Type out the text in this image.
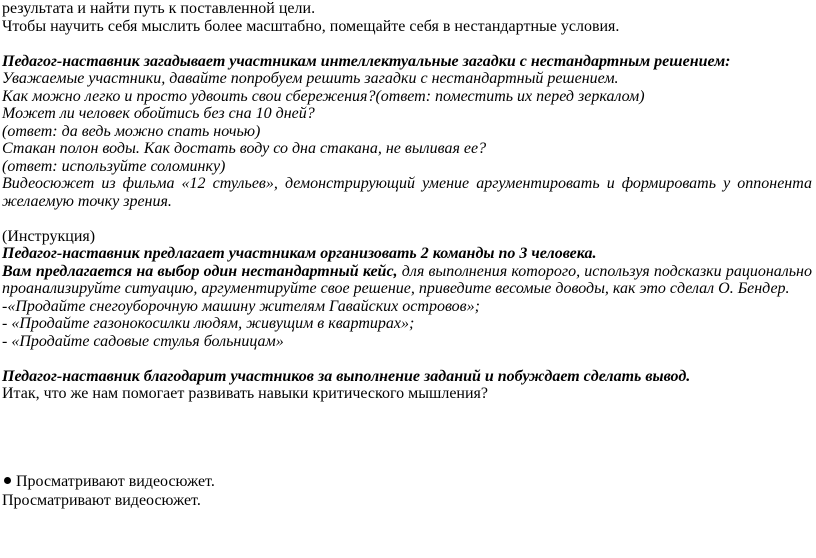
результата и найти путь к поставленной цели.
Чтобы научить себя мыслить более масштабно, помещайте себя в нестандартные условия.
Педагог-наставник загадывает участникам интеллектуальные загадки с нестандартным решением:
Уважаемые участники, давайте попробуем решить загадки с нестандартный решением.
Как можно легко и просто удвоить свои сбережения?(ответ: поместить их перед зеркалом)
Может ли человек обойтись без сна 10 дней?
(ответ: да ведь можно спать ночью)
Стакан полон воды. Как достать воду со дна стакана, не выливая ее?
(ответ: используйте соломинку)
Видеосюжет из фильма «12 стульев», демонстрирующий умение аргументировать и формировать у оппонента
желаемую точку зрения.
(Инструкция)
Педагог-наставник предлагает участникам организовать 2 команды по 3 человека.
Вам предлагается на выбор один нестандартный кейс, для выполнения которого, используя подсказки рационально
проанализируйте ситуацию, аргументируйте свое решение, приведите весомые доводы, как это сделал О. Бендер.
-«Продайте снегоуборочную машину жителям Гавайских островов»;
- «Продайте газонокосилки людям, живущим в квартирах»;
- «Продайте садовые стулья больницам»
Педагог-наставник благодарит участников за выполнение заданий и побуждает сделать вывод.
Итак, что же нам помогает развивать навыки критического мышления?
Просматривают видеосюжет.
Просматривают видеосюжет.
